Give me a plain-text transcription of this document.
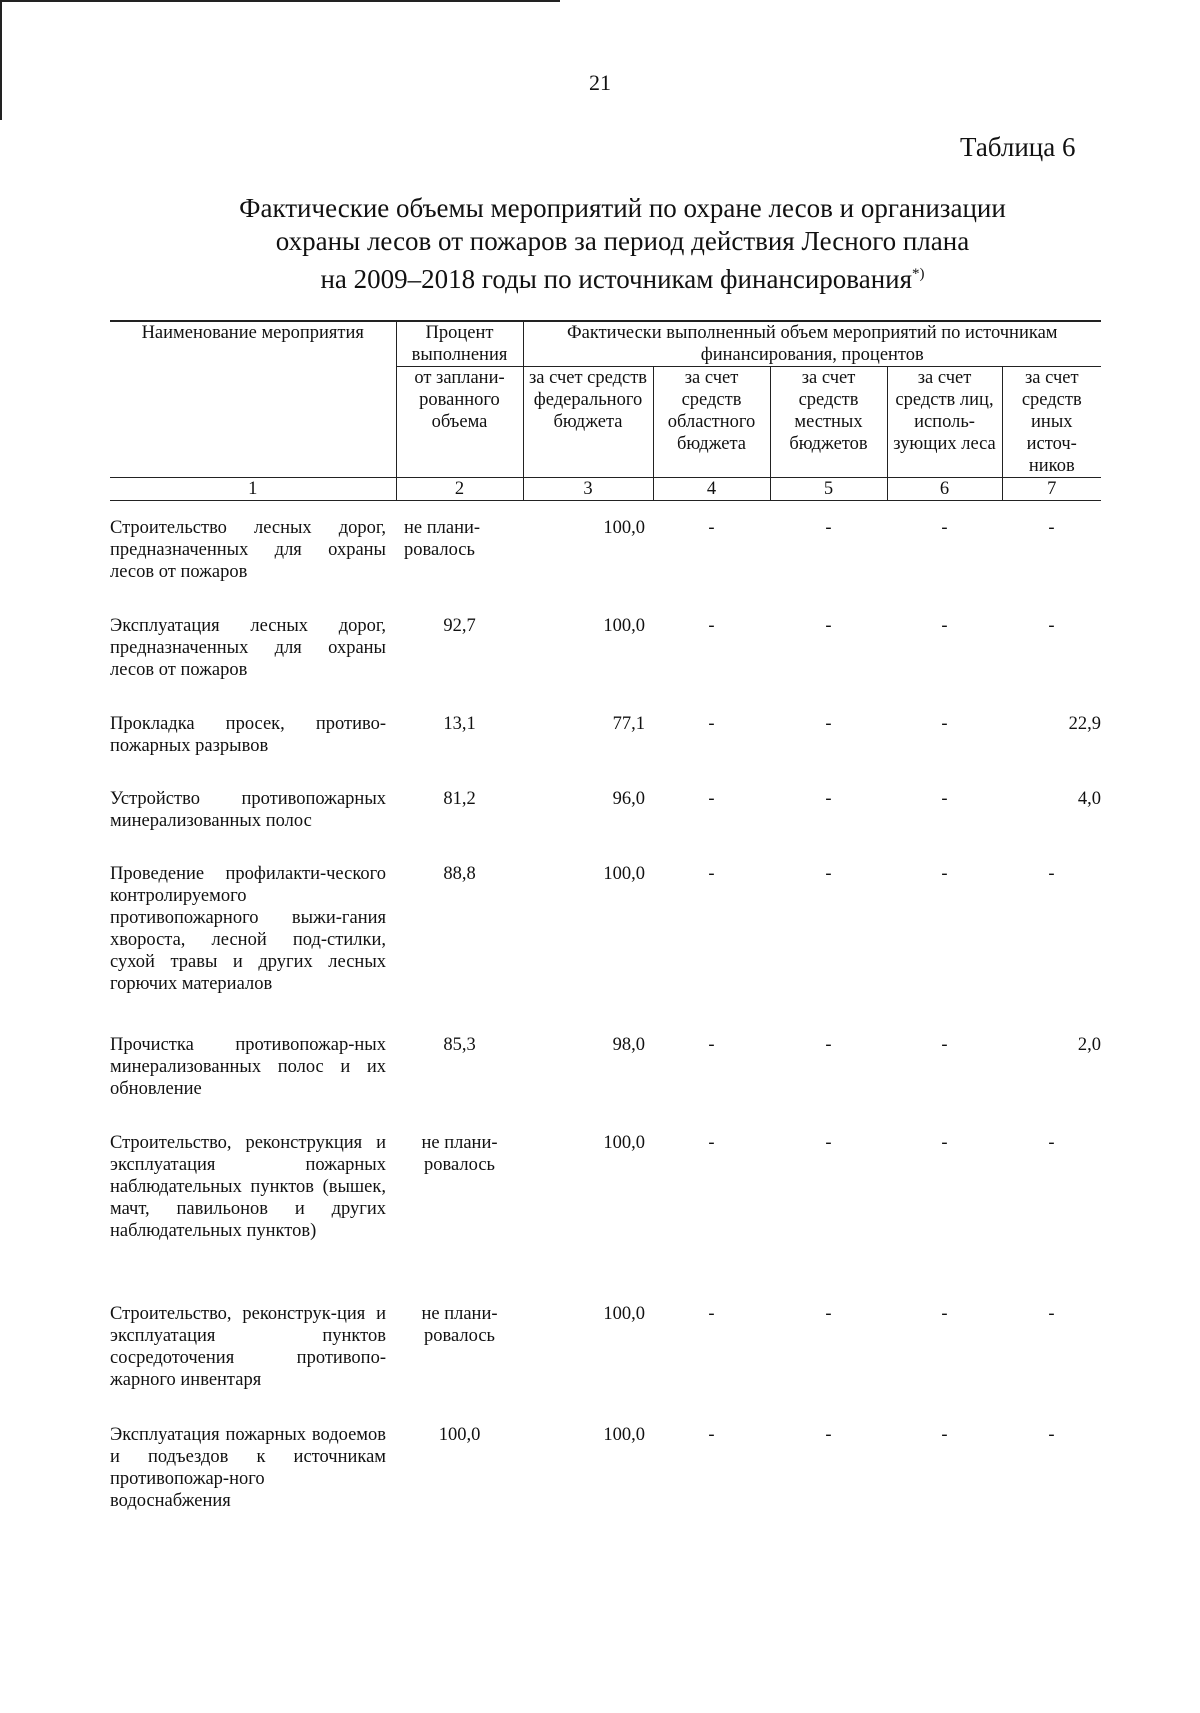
21
Таблица 6
Фактические объемы мероприятий по охране лесов и организации
охраны лесов от пожаров за период действия Лесного плана
на 2009–2018 годы по источникам финансирования*)
Наименование мероприятия	Процент выполнения	Фактически выполненный объем мероприятий по источникам финансирования, процентов				
	от заплани-рованного объема	за счет средств федерального бюджета	за счет средств областного бюджета	за счет средств местных бюджетов	за счет средств лиц, исполь-зующих леса	за счет средств иных источ-ников
1	2	3	4	5	6	7

Строительство лесных дорог, предназначенных для охраны лесов от пожаров	не плани-ровалось	100,0	-	-	-	-
Эксплуатация лесных дорог, предназначенных для охраны лесов от пожаров	92,7	100,0	-	-	-	-
Прокладка просек, противо-пожарных разрывов	13,1	77,1	-	-	-	22,9
Устройство противопожарных минерализованных полос	81,2	96,0	-	-	-	4,0
Проведение профилакти-ческого контролируемого противопожарного выжи-гания хвороста, лесной под-стилки, сухой травы и других лесных горючих материалов	88,8	100,0	-	-	-	-
Прочистка противопожар-ных минерализованных полос и их обновление	85,3	98,0	-	-	-	2,0
Строительство, реконструкция и эксплуатация пожарных наблюдательных пунктов (вышек, мачт, павильонов и других наблюдательных пунктов)	не плани-ровалось	100,0	-	-	-	-
Строительство, реконструк-ция и эксплуатация пунктов сосредоточения противопо-жарного инвентаря	не плани-ровалось	100,0	-	-	-	-
Эксплуатация пожарных водоемов и подъездов к источникам противопожар-ного водоснабжения	100,0	100,0	-	-	-	-
